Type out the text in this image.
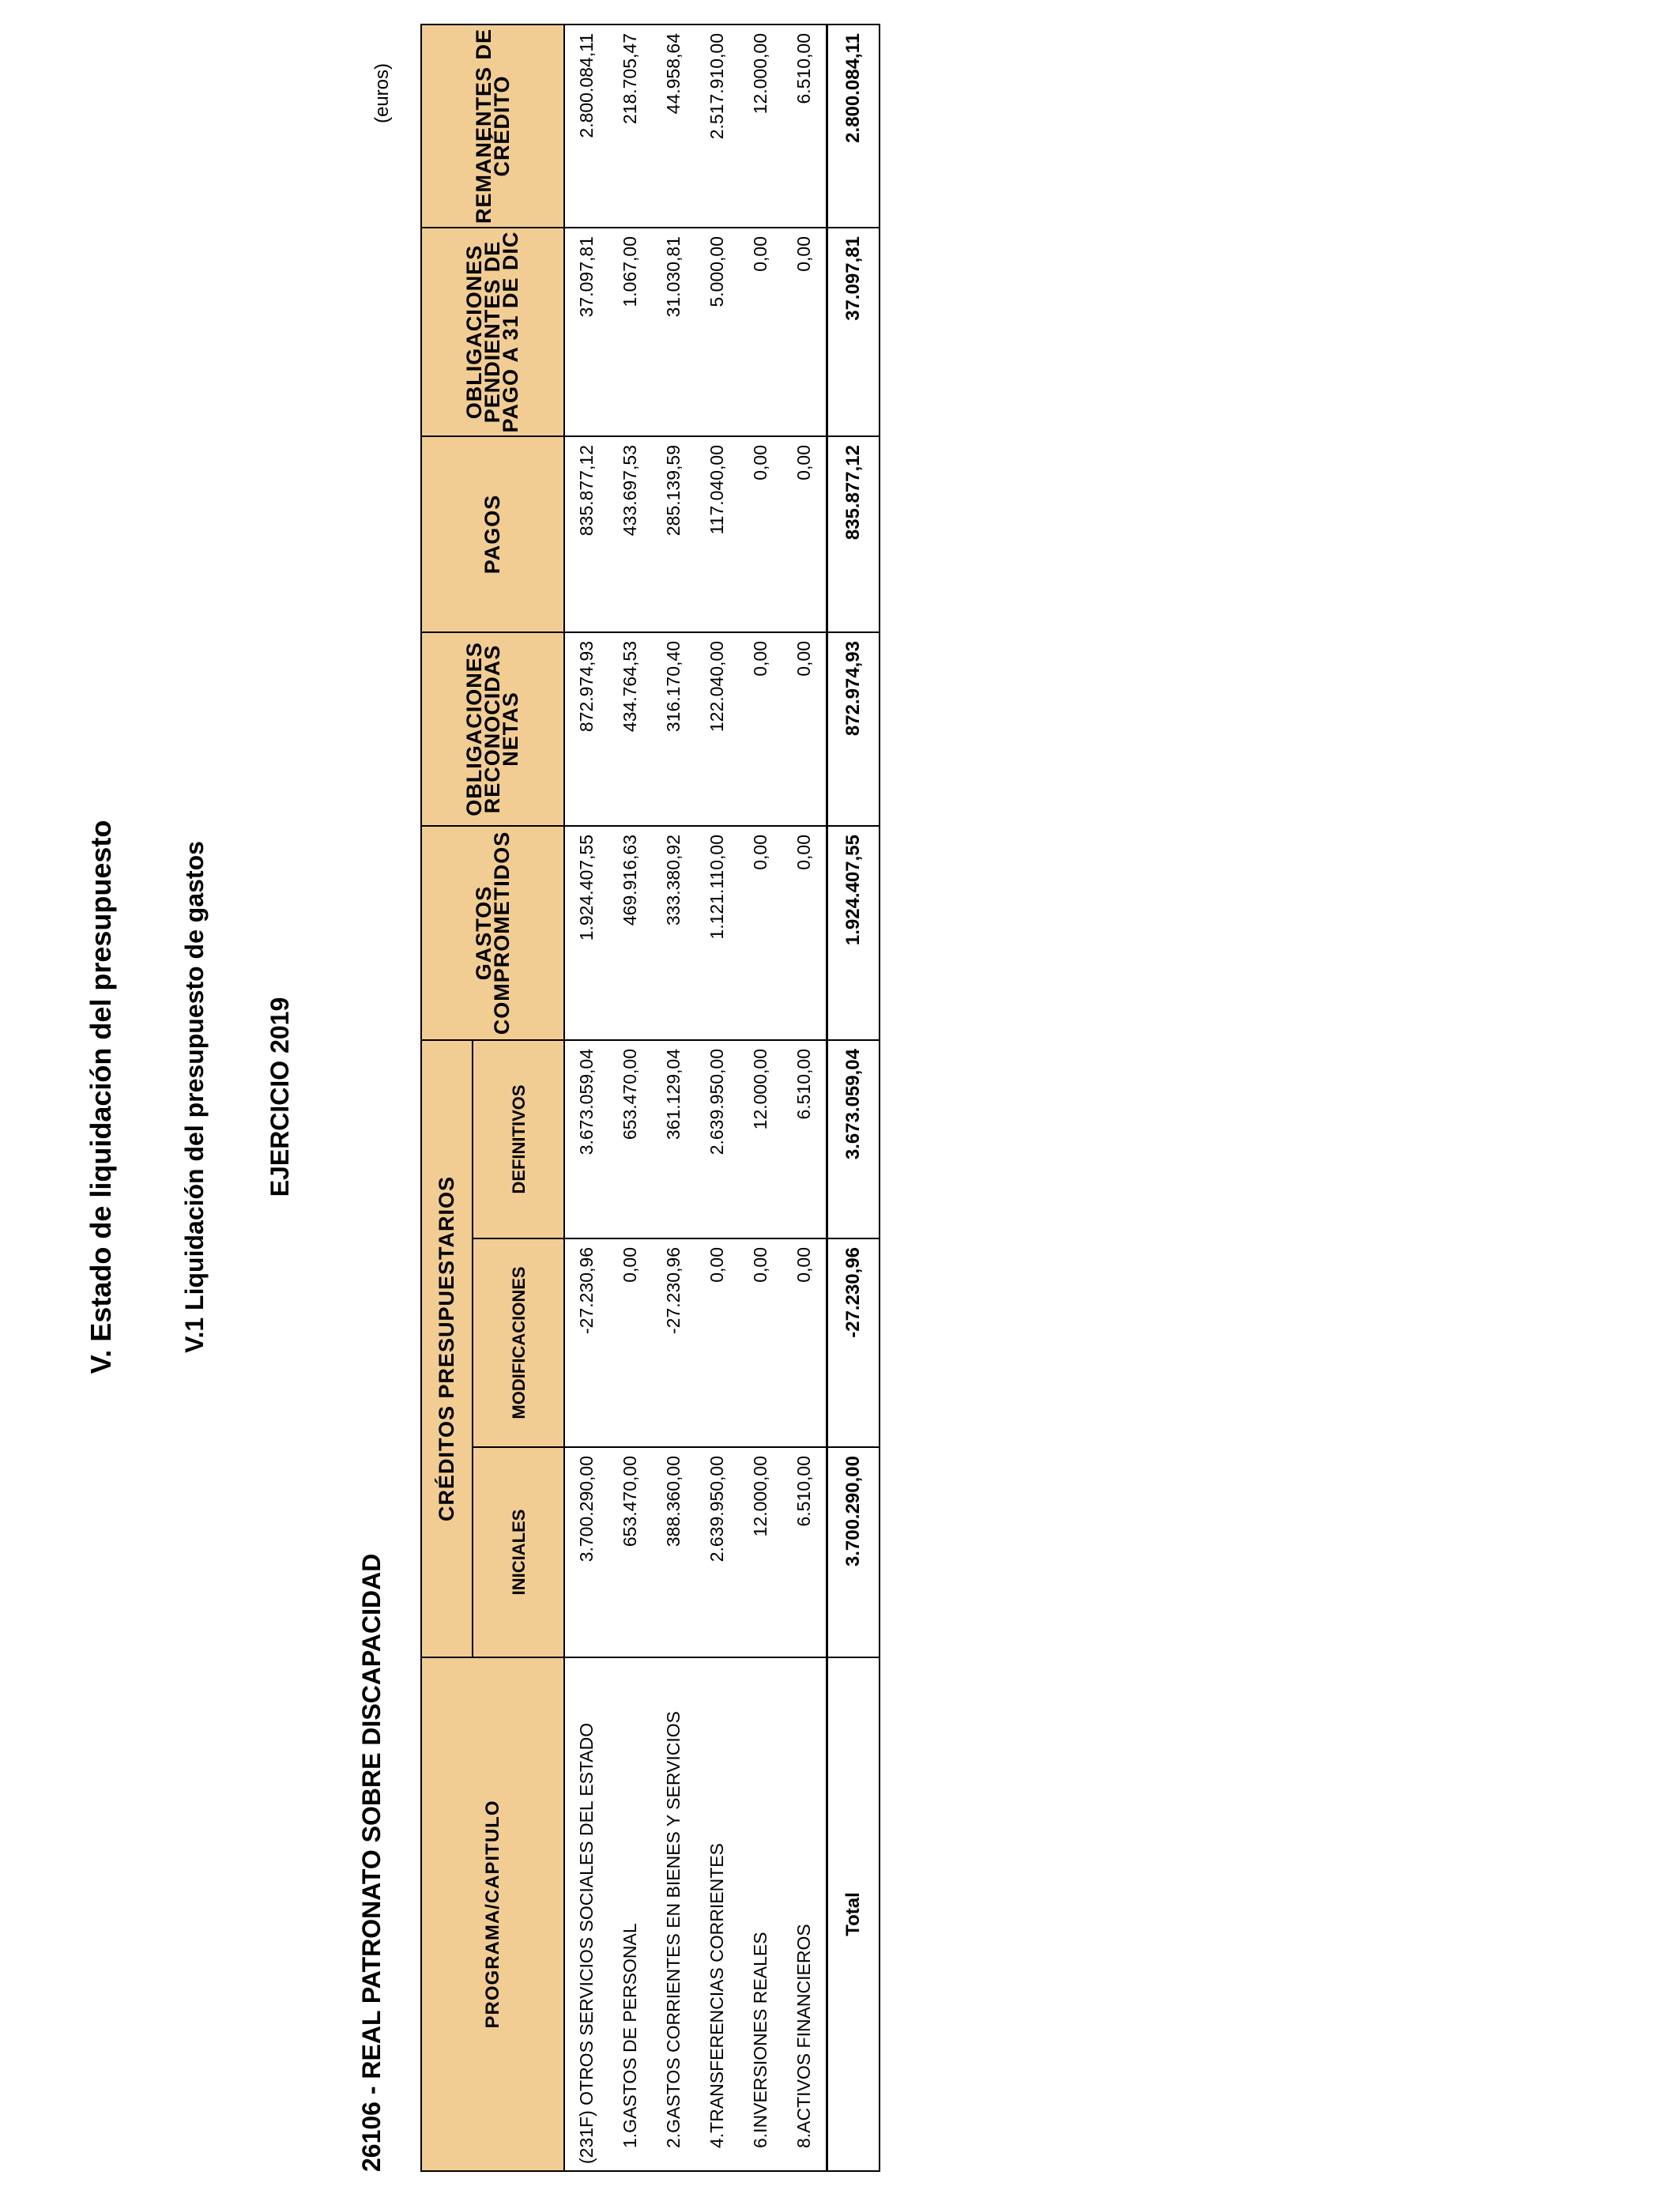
V. Estado de liquidación del presupuesto	V.1 Liquidación del presupuesto de gastos EJERCICIO 2019
26106 - REAL PATRONATO SOBRE DISCAPACIDAD
(euros)
PROGRAMA/CAPITULO	CRÉDITOS PRESUPUESTARIOS			GASTOS COMPROMETIDOS	OBLIGACIONES RECONOCIDAS NETAS	PAGOS	OBLIGACIONES PENDIENTES DE PAGO A 31 DE DIC	REMANENTES DE CRÉDITO
	INICIALES	MODIFICACIONES	DEFINITIVOS					
(231F) OTROS SERVICIOS SOCIALES DEL ESTADO	3.700.290,00	-27.230,96	3.673.059,04	1.924.407,55	872.974,93	835.877,12	37.097,81	2.800.084,11
1.GASTOS DE PERSONAL	653.470,00	0,00	653.470,00	469.916,63	434.764,53	433.697,53	1.067,00	218.705,47
2.GASTOS CORRIENTES EN BIENES Y SERVICIOS	388.360,00	-27.230,96	361.129,04	333.380,92	316.170,40	285.139,59	31.030,81	44.958,64
4.TRANSFERENCIAS CORRIENTES	2.639.950,00	0,00	2.639.950,00	1.121.110,00	122.040,00	117.040,00	5.000,00	2.517.910,00
6.INVERSIONES REALES	12.000,00	0,00	12.000,00	0,00	0,00	0,00	0,00	12.000,00
8.ACTIVOS FINANCIEROS	6.510,00	0,00	6.510,00	0,00	0,00	0,00	0,00	6.510,00
Total	3.700.290,00	-27.230,96	3.673.059,04	1.924.407,55	872.974,93	835.877,12	37.097,81	2.800.084,11
